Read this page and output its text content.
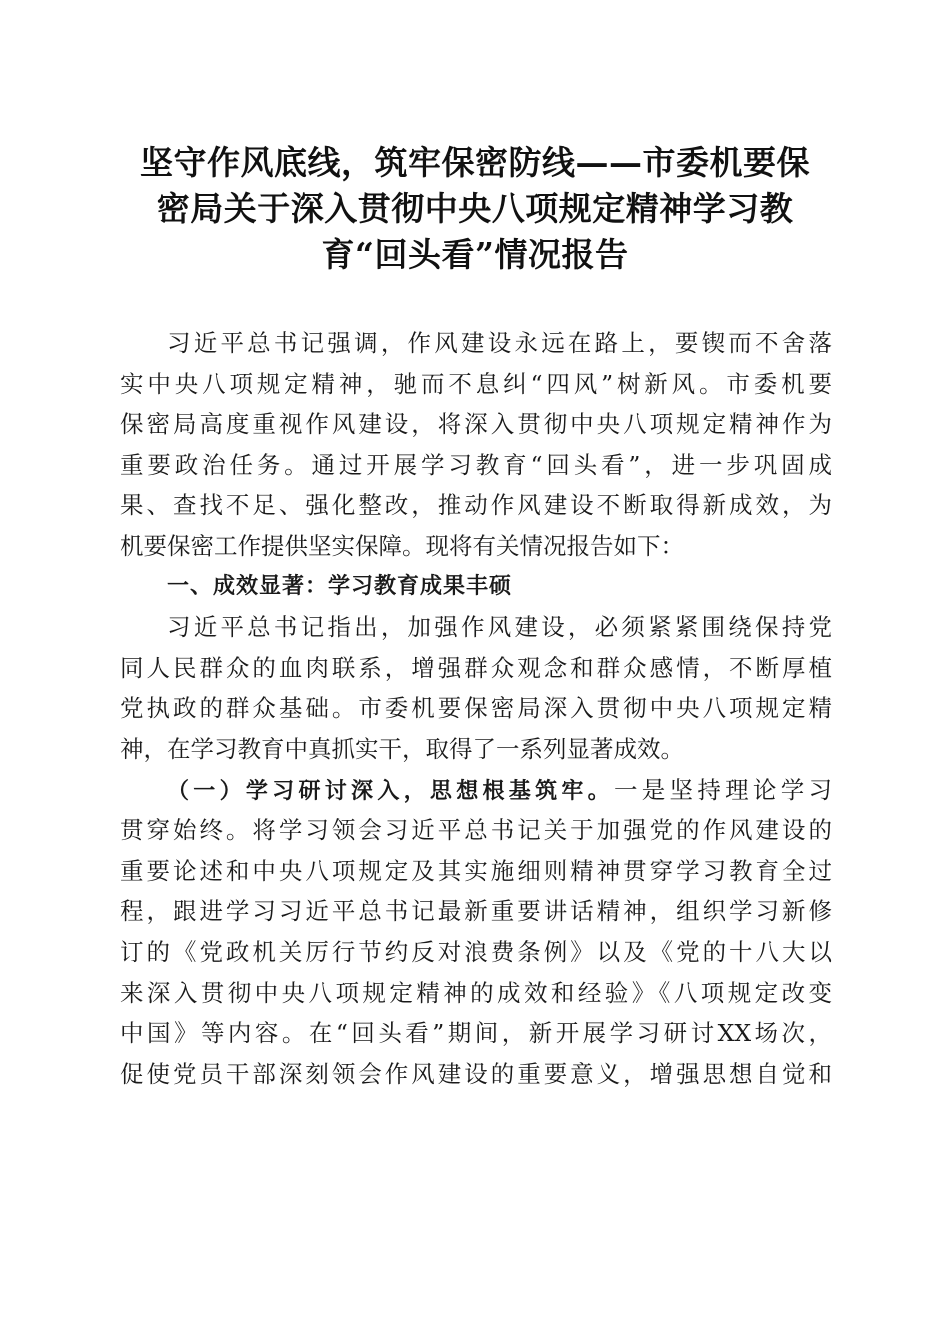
坚守作风底线，筑牢保密防线——市委机要保
密局关于深入贯彻中央八项规定精神学习教
育“回头看”情况报告
习近平总书记强调，作风建设永远在路上，要锲而不舍落
实中央八项规定精神，驰而不息纠“四风”树新风。市委机要
保密局高度重视作风建设，将深入贯彻中央八项规定精神作为
重要政治任务。通过开展学习教育“回头看”，进一步巩固成
果、查找不足、强化整改，推动作风建设不断取得新成效，为
机要保密工作提供坚实保障。现将有关情况报告如下：
一、成效显著：学习教育成果丰硕
习近平总书记指出，加强作风建设，必须紧紧围绕保持党
同人民群众的血肉联系，增强群众观念和群众感情，不断厚植
党执政的群众基础。市委机要保密局深入贯彻中央八项规定精
神，在学习教育中真抓实干，取得了一系列显著成效。
（一）学习研讨深入，思想根基筑牢。一是坚持理论学习
贯穿始终。将学习领会习近平总书记关于加强党的作风建设的
重要论述和中央八项规定及其实施细则精神贯穿学习教育全过
程，跟进学习习近平总书记最新重要讲话精神，组织学习新修
订的《党政机关厉行节约反对浪费条例》以及《党的十八大以
来深入贯彻中央八项规定精神的成效和经验》《八项规定改变
中国》等内容。在“回头看”期间，新开展学习研讨XX场次，
促使党员干部深刻领会作风建设的重要意义，增强思想自觉和
